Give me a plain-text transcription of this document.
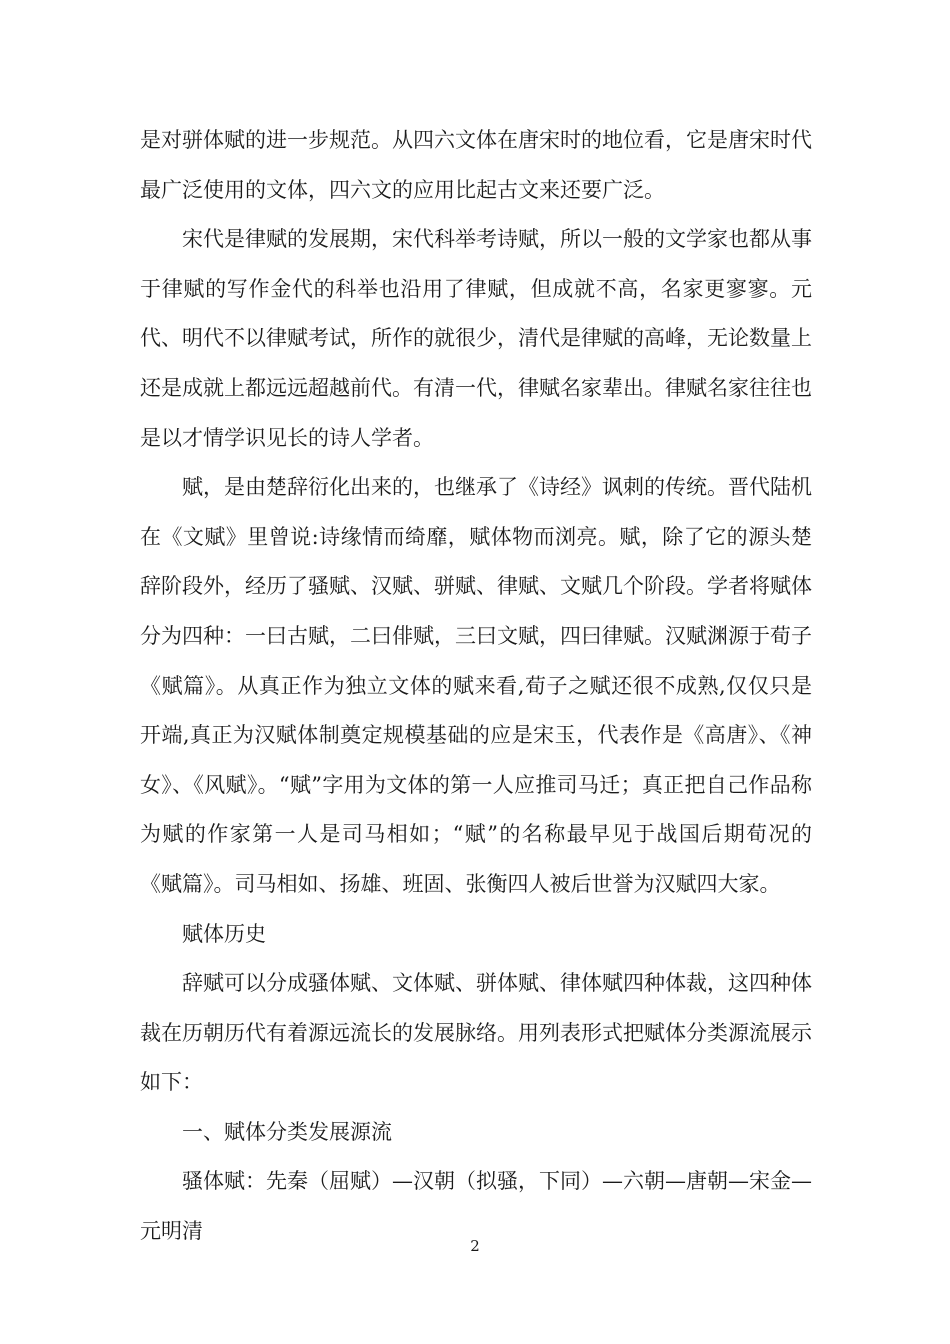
是对骈体赋的进一步规范。从四六文体在唐宋时的地位看，它是唐宋时代最广泛使用的文体，四六文的应用比起古文来还要广泛。

宋代是律赋的发展期，宋代科举考诗赋，所以一般的文学家也都从事于律赋的写作金代的科举也沿用了律赋，但成就不高，名家更寥寥。元代、明代不以律赋考试，所作的就很少，清代是律赋的高峰，无论数量上还是成就上都远远超越前代。有清一代，律赋名家辈出。律赋名家往往也是以才情学识见长的诗人学者。

赋，是由楚辞衍化出来的，也继承了《诗经》讽刺的传统。晋代陆机在《文赋》里曾说:诗缘情而绮靡，赋体物而浏亮。赋，除了它的源头楚辞阶段外，经历了骚赋、汉赋、骈赋、律赋、文赋几个阶段。学者将赋体分为四种：一曰古赋，二曰俳赋，三曰文赋，四曰律赋。汉赋渊源于荀子《赋篇》。从真正作为独立文体的赋来看,荀子之赋还很不成熟,仅仅只是开端,真正为汉赋体制奠定规模基础的应是宋玉，代表作是《高唐》、《神女》、《风赋》。“赋”字用为文体的第一人应推司马迁；真正把自己作品称为赋的作家第一人是司马相如；“赋”的名称最早见于战国后期荀况的《赋篇》。司马相如、扬雄、班固、张衡四人被后世誉为汉赋四大家。

赋体历史

辞赋可以分成骚体赋、文体赋、骈体赋、律体赋四种体裁，这四种体裁在历朝历代有着源远流长的发展脉络。用列表形式把赋体分类源流展示如下：

一、赋体分类发展源流

骚体赋：先秦（屈赋）—汉朝（拟骚，下同）—六朝—唐朝—宋金—元明清

2
